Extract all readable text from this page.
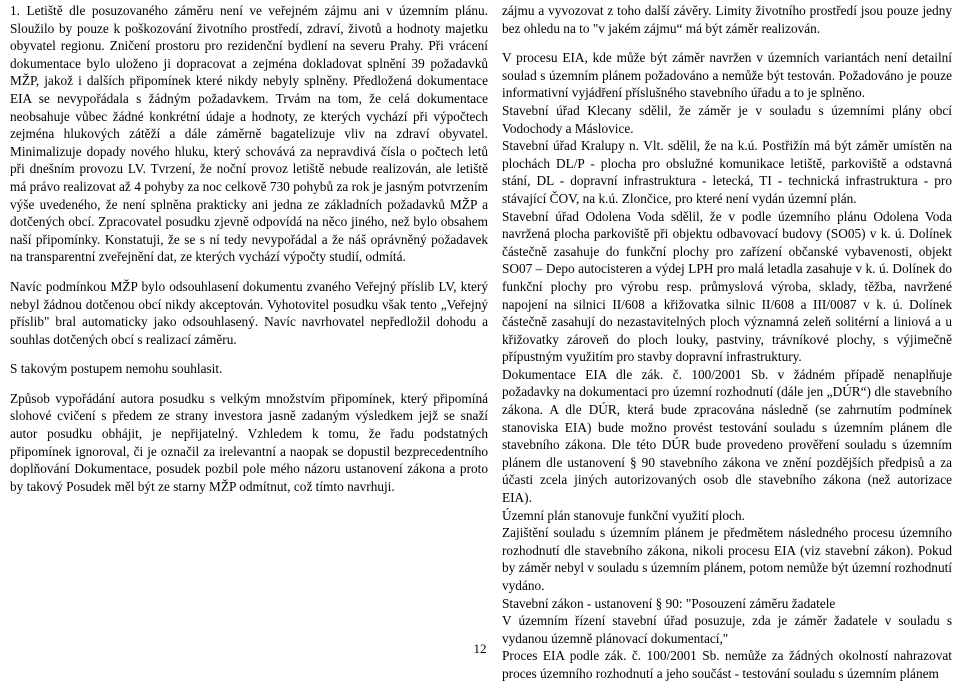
1. Letiště dle posuzovaného záměru není ve veřejném zájmu ani v územním plánu. Sloužilo by pouze k poškozování životního prostředí, zdraví, životů a hodnoty majetku obyvatel regionu. Zničení prostoru pro rezidenční bydlení na severu Prahy. Při vrácení dokumentace bylo uloženo ji dopracovat a zejména dokladovat splnění 39 požadavků MŽP, jakož i dalších připomínek které nikdy nebyly splněny. Předložená dokumentace EIA se nevypořádala s žádným požadavkem. Trvám na tom, že celá dokumentace neobsahuje vůbec žádné konkrétní údaje a hodnoty, ze kterých vychází při výpočtech zejména hlukových zátěží a dále záměrně bagatelizuje vliv na zdraví obyvatel. Minimalizuje dopady nového hluku, který schovává za nepravdivá čísla o počtech letů při dnešním provozu LV. Tvrzení, že noční provoz letiště nebude realizován, ale letiště má právo realizovat až 4 pohyby za noc celkově 730 pohybů za rok je jasným potvrzením výše uvedeného, že není splněna prakticky ani jedna ze základních požadavků MŽP a dotčených obcí. Zpracovatel posudku zjevně odpovídá na něco jiného, než bylo obsahem naší připomínky. Konstatuji, že se s ní tedy nevypořádal a že náš oprávněný požadavek na transparentní zveřejnění dat, ze kterých vychází výpočty studií, odmítá.

Navíc podmínkou MŽP bylo odsouhlasení dokumentu zvaného Veřejný příslib LV, který nebyl žádnou dotčenou obcí nikdy akceptován. Vyhotovitel posudku však tento „Veřejný příslib" bral automaticky jako odsouhlasený. Navíc navrhovatel nepředložil dohodu a souhlas dotčených obcí s realizací záměru.

S takovým postupem nemohu souhlasit.

Způsob vypořádání autora posudku s velkým množstvím připomínek, který připomíná slohové cvičení s předem ze strany investora jasně zadaným výsledkem jejž se snaží autor posudku obhájit, je nepřijatelný. Vzhledem k tomu, že řadu podstatných připomínek ignoroval, či je označil za irelevantní a naopak se dopustil bezprecedentního doplňování Dokumentace, posudek pozbil pole mého názoru ustanovení zákona a proto by takový Posudek měl být ze starny MŽP odmítnut, což tímto navrhuji.

zájmu a vyvozovat z toho další závěry. Limity životního prostředí jsou pouze jedny bez ohledu na to "v jakém zájmu“ má být záměr realizován.

V procesu EIA, kde může být záměr navržen v územních variantách není detailní soulad s územním plánem požadováno a nemůže být testován. Požadováno je pouze informativní vyjádření příslušného stavebního úřadu a to je splněno.

Stavební úřad Klecany sdělil, že záměr je v souladu s územními plány obcí Vodochody a Máslovice.

Stavební úřad Kralupy n. Vlt. sdělil, že na k.ú. Postřižín má být záměr umístěn na plochách DL/P - plocha pro obslužné komunikace letiště, parkoviště a odstavná stání, DL - dopravní infrastruktura - letecká, TI - technická infrastruktura - pro stávající ČOV, na k.ú. Zlončice, pro které není vydán územní plán.

Stavební úřad Odolena Voda sdělil, že v podle územního plánu Odolena Voda navržená plocha parkoviště při objektu odbavovací budovy (SO05) v k. ú. Dolínek částečně zasahuje do funkční plochy pro zařízení občanské vybavenosti, objekt SO07 – Depo autocisteren a výdej LPH pro malá letadla zasahuje v k. ú. Dolínek do funkční plochy pro výrobu resp. průmyslová výroba, sklady, těžba, navržené napojení na silnici II/608 a křižovatka silnic II/608 a III/0087 v k. ú. Dolínek částečně zasahují do nezastavitelných ploch významná zeleň solitérní a liniová a u křižovatky zároveň do ploch louky, pastviny, trávníkové plochy, s výjimečně přípustným využitím pro stavby dopravní infrastruktury.

Dokumentace EIA dle zák. č. 100/2001 Sb. v žádném případě nenaplňuje požadavky na dokumentaci pro územní rozhodnutí (dále jen „DÚR“) dle stavebního zákona. A dle DÚR, která bude zpracována následně (se zahrnutím podmínek stanoviska EIA) bude možno provést testování souladu s územním plánem dle stavebního zákona. Dle této DÚR bude provedeno prověření souladu s územním plánem dle ustanovení § 90 stavebního zákona ve znění pozdějších předpisů a za účasti zcela jiných autorizovaných osob dle stavebního zákona (než autorizace EIA).

Územní plán stanovuje funkční využití ploch.

Zajištění souladu s územním plánem je předmětem následného procesu územního rozhodnutí dle stavebního zákona, nikoli procesu EIA (viz stavební zákon). Pokud by záměr nebyl v souladu s územním plánem, potom nemůže být územní rozhodnutí vydáno.

Stavební zákon - ustanovení § 90: "Posouzení záměru žadatele

V územním řízení stavební úřad posuzuje, zda je záměr žadatele v souladu s vydanou územně plánovací dokumentací,"

Proces EIA podle zák. č. 100/2001 Sb. nemůže za žádných okolností nahrazovat proces územního rozhodnutí a jeho součást - testování souladu s územním plánem

12
